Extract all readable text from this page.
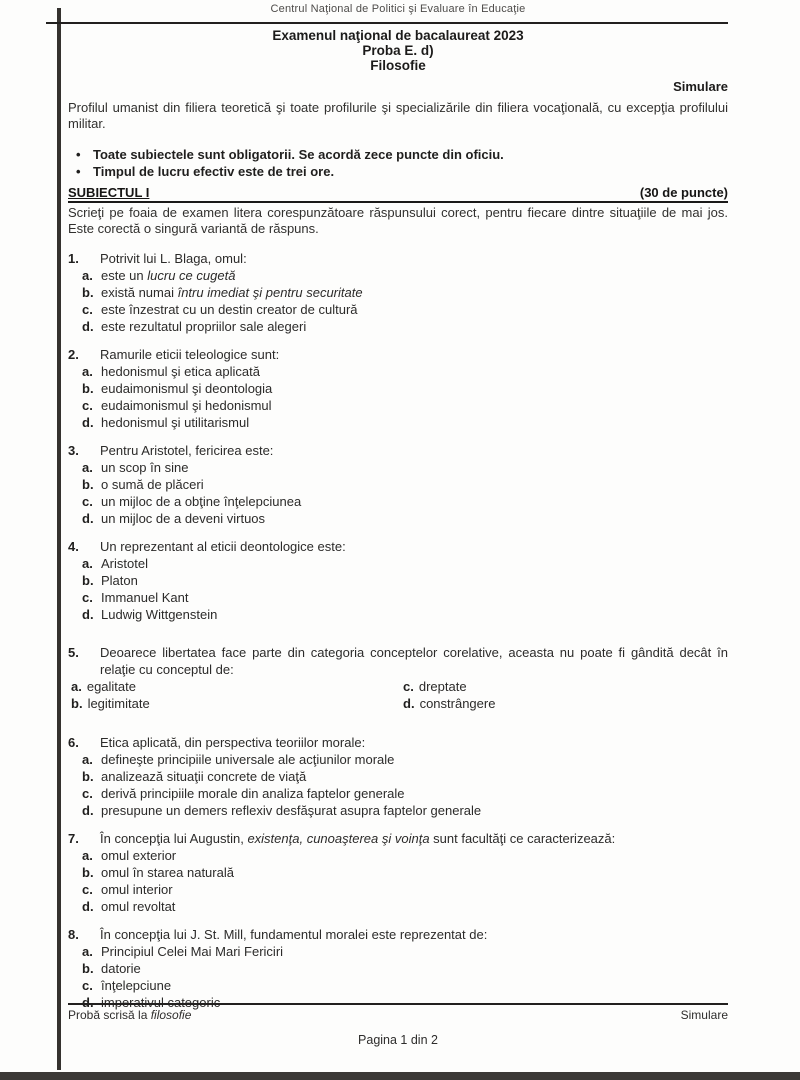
Centrul Naţional de Politici şi Evaluare în Educaţie
Examenul naţional de bacalaureat 2023
Proba E. d)
Filosofie
Simulare
Profilul umanist din filiera teoretică şi toate profilurile şi specializările din filiera vocaţională, cu excepţia profilului militar.
• Toate subiectele sunt obligatorii. Se acordă zece puncte din oficiu.
• Timpul de lucru efectiv este de trei ore.
SUBIECTUL I	(30 de puncte)
Scrieţi pe foaia de examen litera corespunzătoare răspunsului corect, pentru fiecare dintre situaţiile de mai jos. Este corectă o singură variantă de răspuns.
1.	Potrivit lui L. Blaga, omul:
a. este un lucru ce cugetă
b. există numai întru imediat şi pentru securitate
c. este înzestrat cu un destin creator de cultură
d. este rezultatul propriilor sale alegeri
2.	Ramurile eticii teleologice sunt:
a. hedonismul şi etica aplicată
b. eudaimonismul şi deontologia
c. eudaimonismul şi hedonismul
d. hedonismul şi utilitarismul
3.	Pentru Aristotel, fericirea este:
a. un scop în sine
b. o sumă de plăceri
c. un mijloc de a obţine înţelepciunea
d. un mijloc de a deveni virtuos
4.	Un reprezentant al eticii deontologice este:
a. Aristotel
b. Platon
c. Immanuel Kant
d. Ludwig Wittgenstein
5.	Deoarece libertatea face parte din categoria conceptelor corelative, aceasta nu poate fi gândită decât în relaţie cu conceptul de:
a. egalitate
b. legitimitate
c. dreptate
d. constrângere
6.	Etica aplicată, din perspectiva teoriilor morale:
a. defineşte principiile universale ale acţiunilor morale
b. analizează situaţii concrete de viaţă
c. derivă principiile morale din analiza faptelor generale
d. presupune un demers reflexiv desfăşurat asupra faptelor generale
7.	În concepţia lui Augustin, existenţa, cunoaşterea şi voinţa sunt facultăţi ce caracterizează:
a. omul exterior
b. omul în starea naturală
c. omul interior
d. omul revoltat
8.	În concepţia lui J. St. Mill, fundamentul moralei este reprezentat de:
a. Principiul Celei Mai Mari Fericiri
b. datorie
c. înţelepciune
d. imperativul categoric
Probă scrisă la filosofie	Simulare
Pagina 1 din 2
